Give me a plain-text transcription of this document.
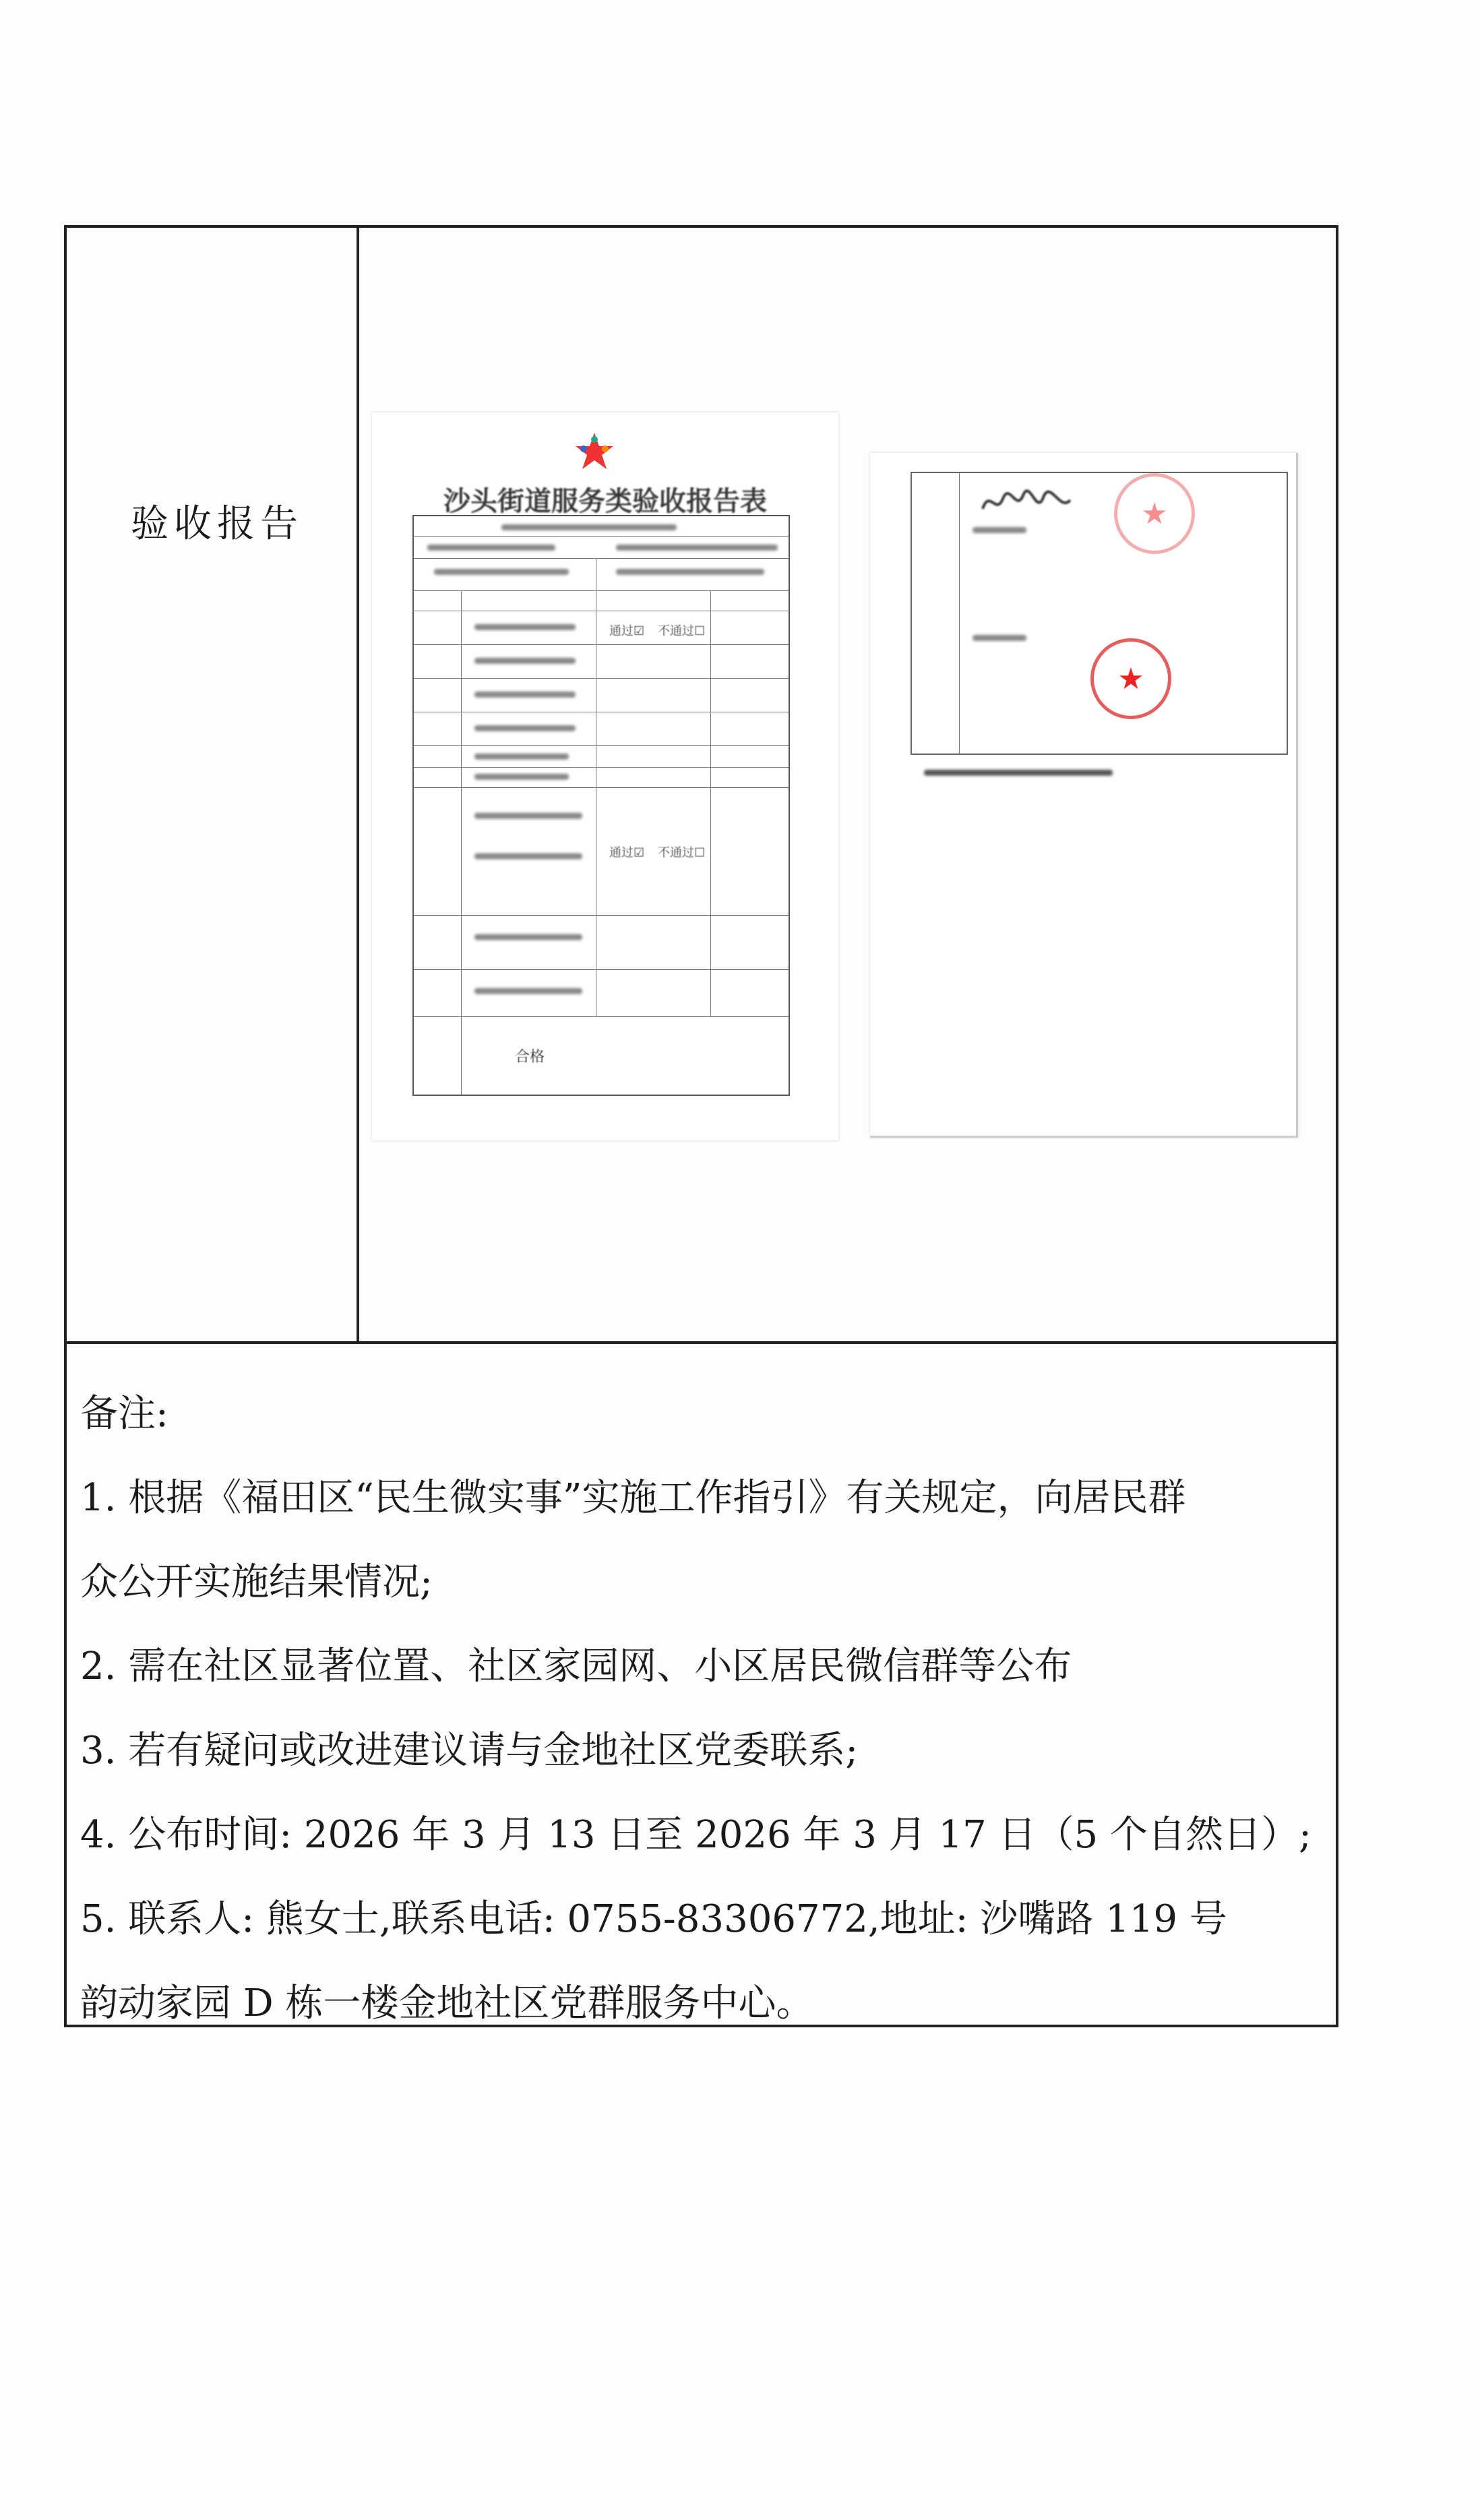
验收报告
沙头街道服务类验收报告表
通过☑ 不通过☐
通过☑ 不通过☐
合格
★
★
备注:
1. 根据《福田区“民生微实事”实施工作指引》有关规定，向居民群
众公开实施结果情况;
2. 需在社区显著位置、社区家园网、小区居民微信群等公布
3. 若有疑问或改进建议请与金地社区党委联系;
4. 公布时间: 2026 年 3 月 13 日至 2026 年 3 月 17 日（5 个自然日）;
5. 联系人: 熊女士,联系电话: 0755-83306772,地址: 沙嘴路 119 号
韵动家园 D 栋一楼金地社区党群服务中心。
